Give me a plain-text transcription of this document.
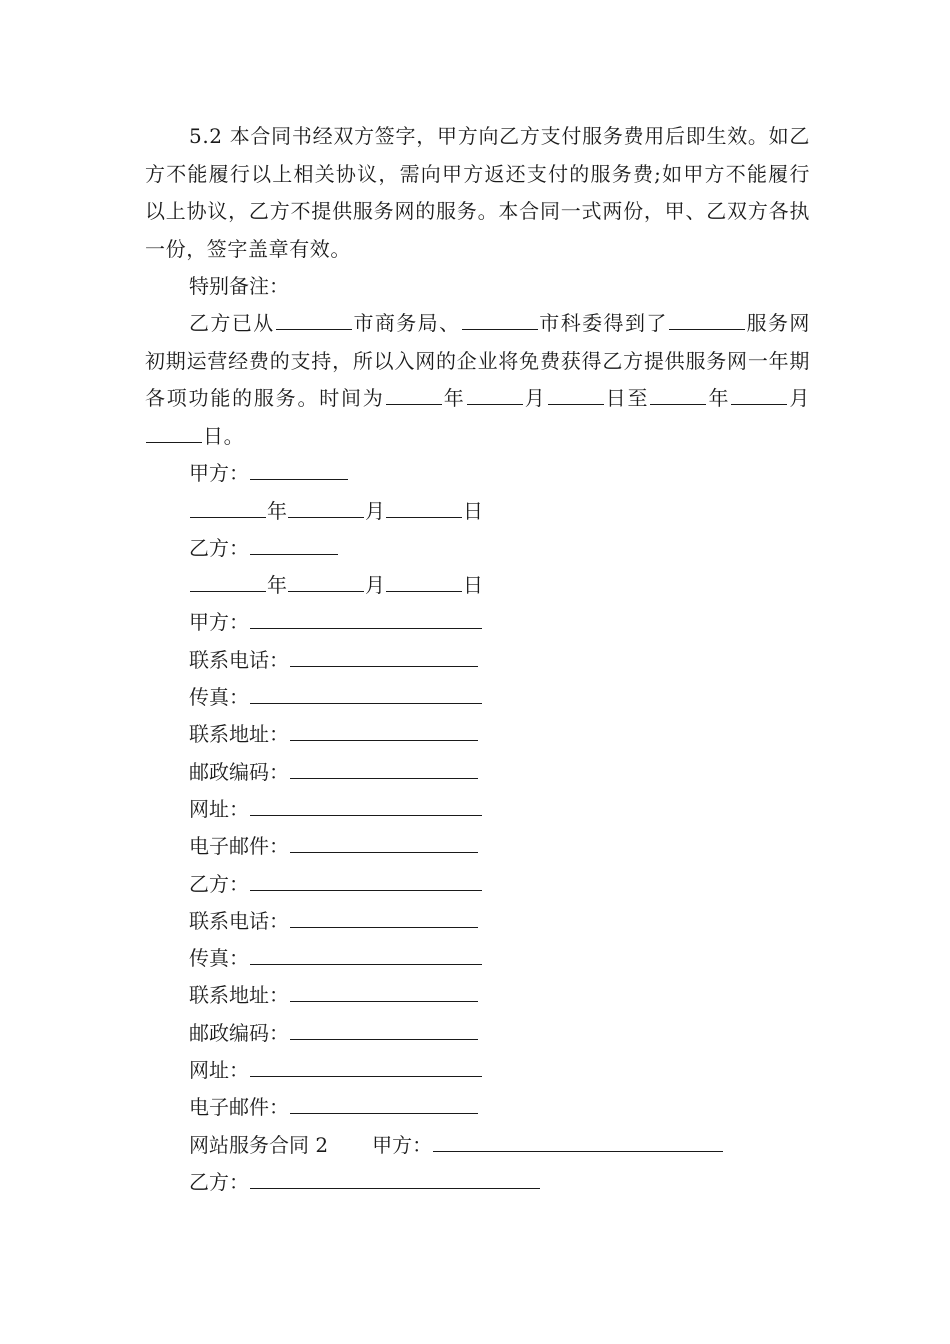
5.2 本合同书经双方签字，甲方向乙方支付服务费用后即生效。如乙方不能履行以上相关协议，需向甲方返还支付的服务费;如甲方不能履行以上协议，乙方不提供服务网的服务。本合同一式两份，甲、乙双方各执一份，签字盖章有效。

特别备注：

乙方已从	市商务局、	市科委得到了	服务网初期运营经费的支持，所以入网的企业将免费获得乙方提供服务网一年期各项功能的服务。时间为	年	月	日至	年	月日。

甲方：

年	月	日

乙方：

年	月	日

甲方：

联系电话：

传真：

联系地址：

邮政编码：

网址：

电子邮件：

乙方：

联系电话：

传真：

联系地址：

邮政编码：

网址：

电子邮件：

网站服务合同 2 甲方：

乙方：
